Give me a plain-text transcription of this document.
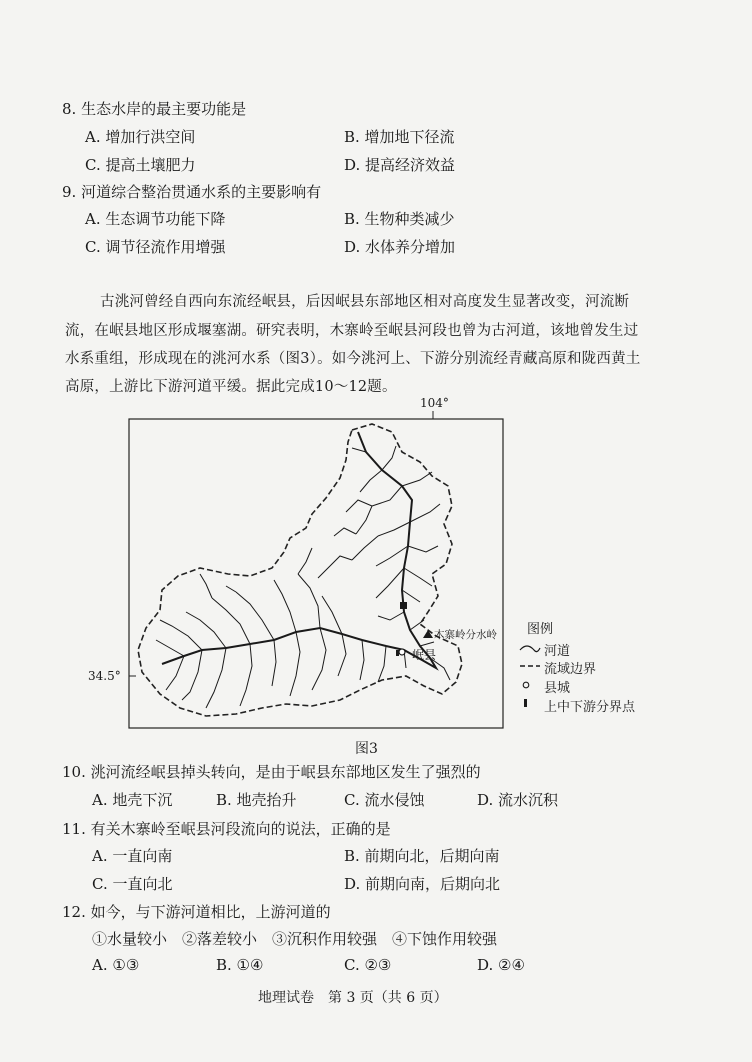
8. 生态水岸的最主要功能是
A. 增加行洪空间	B. 增加地下径流
C. 提高土壤肥力	D. 提高经济效益
9. 河道综合整治贯通水系的主要影响有
A. 生态调节功能下降	B. 生物种类减少
C. 调节径流作用增强	D. 水体养分增加
古洮河曾经自西向东流经岷县，后因岷县东部地区相对高度发生显著改变，河流断
流，在岷县地区形成堰塞湖。研究表明，木寨岭至岷县河段也曾为古河道，该地曾发生过
水系重组，形成现在的洮河水系（图3）。如今洮河上、下游分别流经青藏高原和陇西黄土
高原，上游比下游河道平缓。据此完成10～12题。
104°
34.5°
岷县
木寨岭分水岭 图例
河道
流域边界
县城
上中下游分界点
图3
10. 洮河流经岷县掉头转向，是由于岷县东部地区发生了强烈的
A. 地壳下沉	B. 地壳抬升	C. 流水侵蚀	D. 流水沉积
11. 有关木寨岭至岷县河段流向的说法，正确的是
A. 一直向南	B. 前期向北，后期向南
C. 一直向北	D. 前期向南，后期向北
12. 如今，与下游河道相比，上游河道的
①水量较小　②落差较小　③沉积作用较强　④下蚀作用较强
A. ①③	B. ①④	C. ②③	D. ②④
地理试卷　第 3 页（共 6 页）
